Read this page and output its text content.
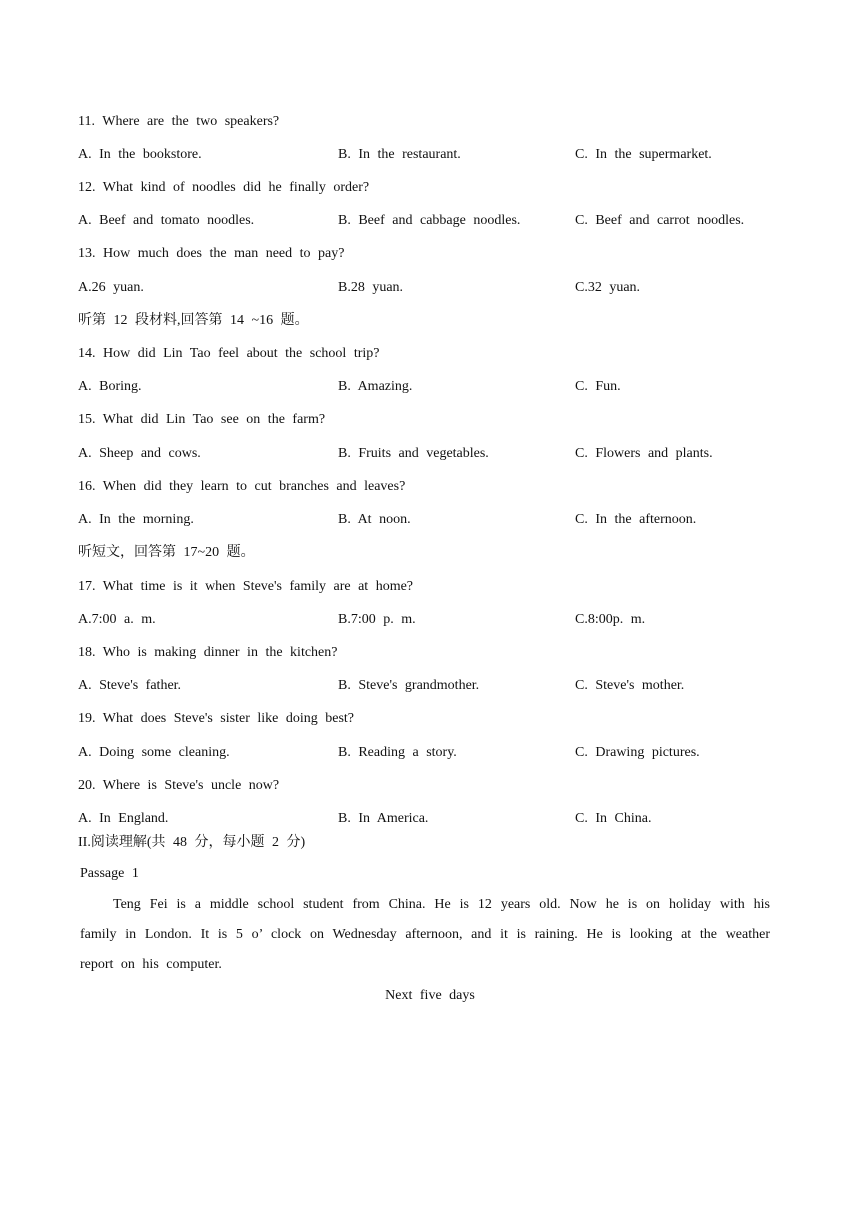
11. Where are the two speakers?
A. In the bookstore.	B. In the restaurant.	C. In the supermarket.
12. What kind of noodles did he finally order?
A. Beef and tomato noodles.	B. Beef and cabbage noodles.	C. Beef and carrot noodles.
13. How much does the man need to pay?
A.26 yuan.	B.28 yuan.	C.32 yuan.
听第 12 段材料,回答第 14 ~16 题。
14. How did Lin Tao feel about the school trip?
A. Boring.	B. Amazing.	C. Fun.
15. What did Lin Tao see on the farm?
A. Sheep and cows.	B. Fruits and vegetables.	C. Flowers and plants.
16. When did they learn to cut branches and leaves?
A. In the morning.	B. At noon.	C. In the afternoon.
听短文，回答第 17~20 题。
17. What time is it when Steve's family are at home?
A.7:00 a. m.	B.7:00 p. m.	C.8:00p. m.
18. Who is making dinner in the kitchen?
A. Steve's father.	B. Steve's grandmother.	C. Steve's mother.
19. What does Steve's sister like doing best?
A. Doing some cleaning.	B. Reading a story.	C. Drawing pictures.
20. Where is Steve's uncle now?
A. In England.	B. In America.	C. In China.
II.阅读理解(共 48 分，每小题 2 分)
Passage 1
Teng Fei is a middle school student from China. He is 12 years old. Now he is on holiday with his family in London. It is 5 o’ clock on Wednesday afternoon, and it is raining. He is looking at the weather report on his computer.
Next five days
